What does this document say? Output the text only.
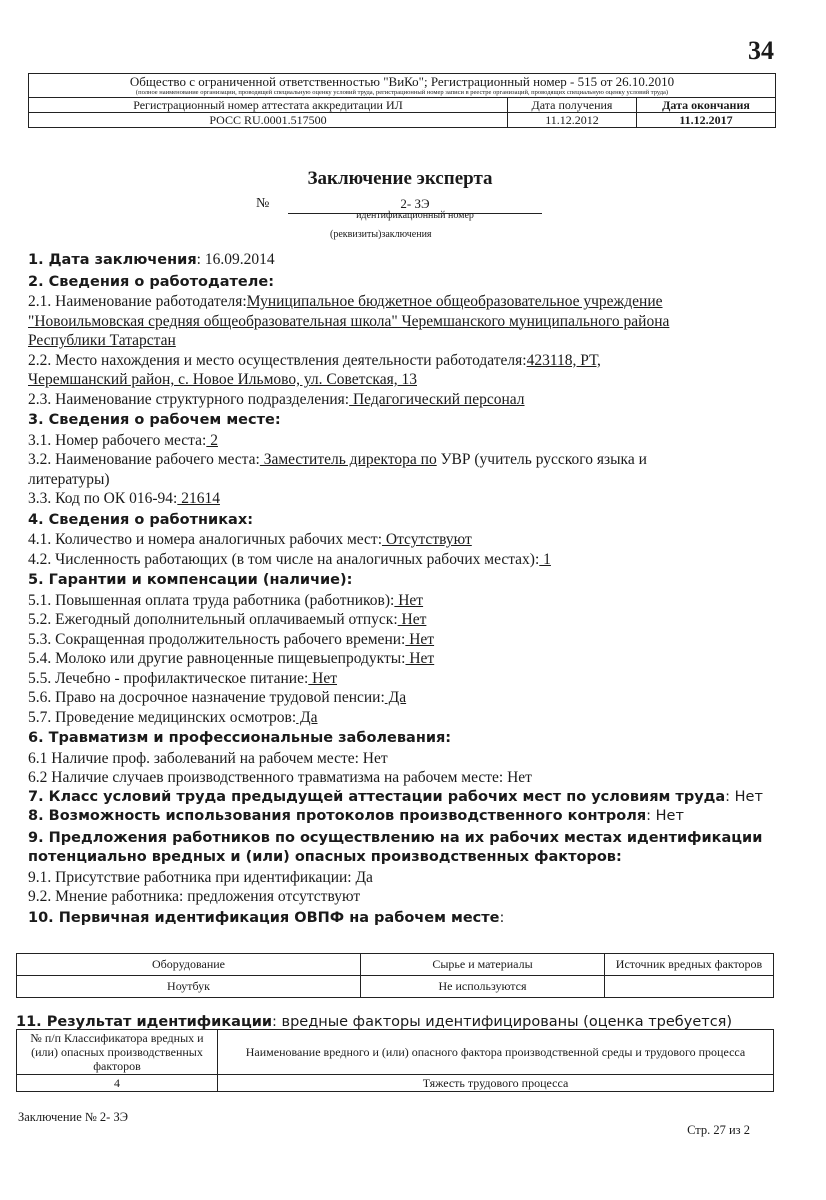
34
Общество с ограниченной ответственностью "ВиКо"; Регистрационный номер - 515 от 26.10.2010
(полное наименование организации, проводящей специальную оценку условий труда, регистрационный номер записи в реестре организаций, проводящих специальную оценку условий труда)		

Регистрационный номер аттестата аккредитации ИЛ	Дата получения	Дата окончания
РОСС RU.0001.517500	11.12.2012	11.12.2017
Заключение эксперта
№	2- ЗЭ
идентификационный номер
(реквизиты)заключения
1. Дата заключения: 16.09.2014
2. Сведения о работодателе:
2.1. Наименование работодателя:Муниципальное бюджетное общеобразовательное учреждение
"Новоильмовская средняя общеобразовательная школа" Черемшанского муниципального района
Республики Татарстан
2.2. Место нахождения и место осуществления деятельности работодателя:423118, РТ,
Черемшанский район, с. Новое Ильмово, ул. Советская, 13
2.3. Наименование структурного подразделения: Педагогический персонал
3. Сведения о рабочем месте:
3.1. Номер рабочего места: 2
3.2. Наименование рабочего места: Заместитель директора по УВР (учитель русского языка и
литературы)
3.3. Код по ОК 016-94: 21614
4. Сведения о работниках:
4.1. Количество и номера аналогичных рабочих мест: Отсутствуют
4.2. Численность работающих (в том числе на аналогичных рабочих местах): 1
5. Гарантии и компенсации (наличие):
5.1. Повышенная оплата труда работника (работников): Нет
5.2. Ежегодный дополнительный оплачиваемый отпуск: Нет
5.3. Сокращенная продолжительность рабочего времени: Нет
5.4. Молоко или другие равноценные пищевыепродукты: Нет
5.5. Лечебно - профилактическое питание: Нет
5.6. Право на досрочное назначение трудовой пенсии: Да
5.7. Проведение медицинских осмотров: Да
6. Травматизм и профессиональные заболевания:
6.1 Наличие проф. заболеваний на рабочем месте: Нет
6.2 Наличие случаев производственного травматизма на рабочем месте: Нет
7. Класс условий труда предыдущей аттестации рабочих мест по условиям труда: Нет
8. Возможность использования протоколов производственного контроля: Нет
9. Предложения работников по осуществлению на их рабочих местах идентификации
потенциально вредных и (или) опасных производственных факторов:
9.1. Присутствие работника при идентификации: Да
9.2. Мнение работника: предложения отсутствуют
10. Первичная идентификация ОВПФ на рабочем месте:
Оборудование	Сырье и материалы	Источник вредных факторов
Ноутбук	Не используются	
11. Результат идентификации: вредные факторы идентифицированы (оценка требуется)
№ п/п Классификатора вредных и (или) опасных производственных факторов	Наименование вредного и (или) опасного фактора производственной среды и трудового процесса
4	Тяжесть трудового процесса
Заключение № 2- ЗЭ
Стр. 27 из 2
